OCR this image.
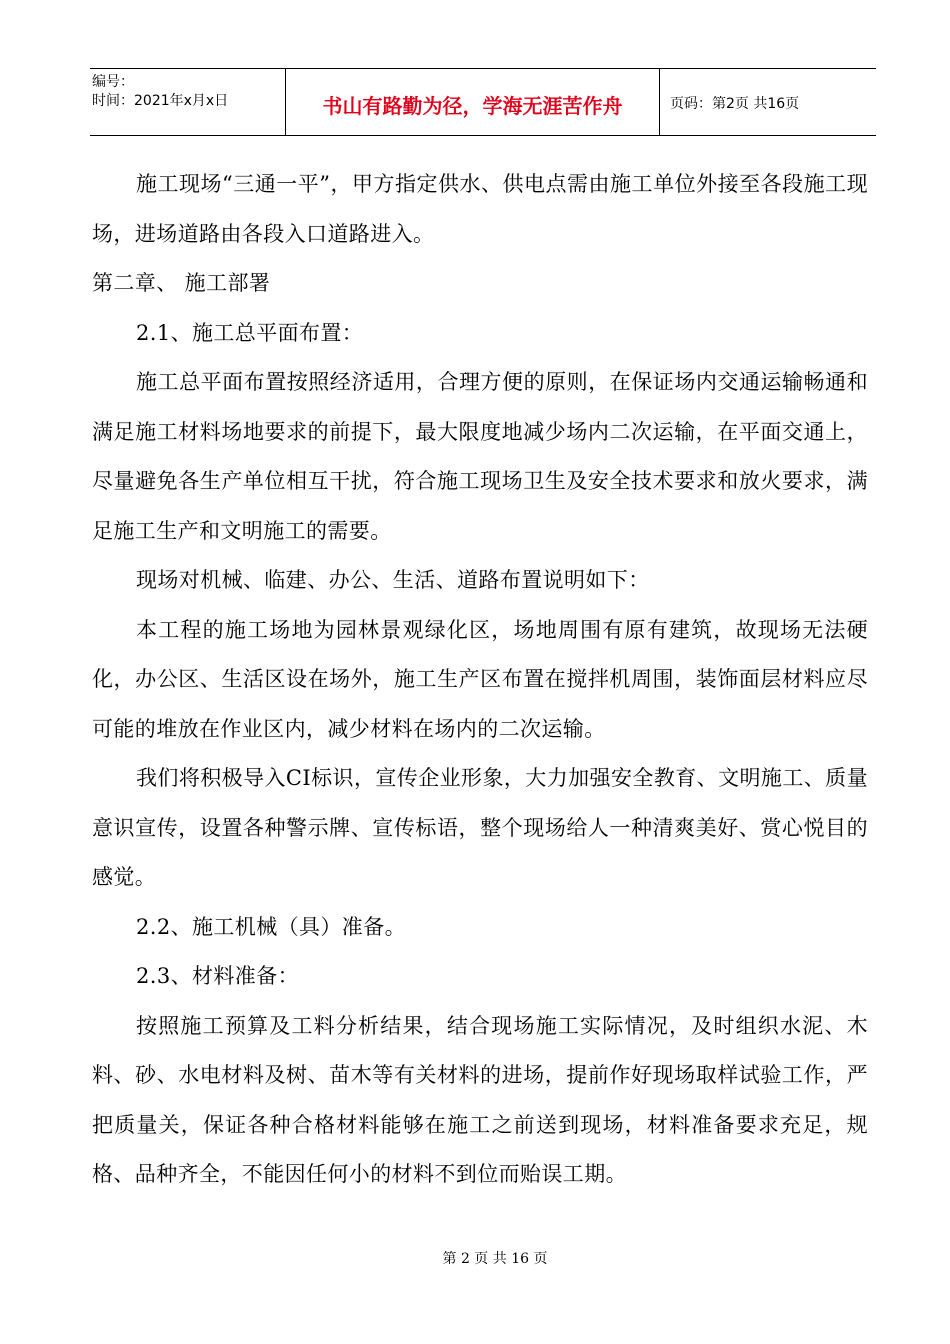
编号：
时间：2021年x月x日	书山有路勤为径，学海无涯苦作舟	页码：第2页 共16页

施工现场“三通一平”，甲方指定供水、供电点需由施工单位外接至各段施工现场，进场道路由各段入口道路进入。

第二章、 施工部署

2.1、施工总平面布置：

施工总平面布置按照经济适用，合理方便的原则，在保证场内交通运输畅通和满足施工材料场地要求的前提下，最大限度地减少场内二次运输，在平面交通上，尽量避免各生产单位相互干扰，符合施工现场卫生及安全技术要求和放火要求，满足施工生产和文明施工的需要。

现场对机械、临建、办公、生活、道路布置说明如下：

本工程的施工场地为园林景观绿化区，场地周围有原有建筑，故现场无法硬化，办公区、生活区设在场外，施工生产区布置在搅拌机周围，装饰面层材料应尽可能的堆放在作业区内，减少材料在场内的二次运输。

我们将积极导入CI标识，宣传企业形象，大力加强安全教育、文明施工、质量意识宣传，设置各种警示牌、宣传标语，整个现场给人一种清爽美好、赏心悦目的感觉。

2.2、施工机械（具）准备。

2.3、材料准备：

按照施工预算及工料分析结果，结合现场施工实际情况，及时组织水泥、木料、砂、水电材料及树、苗木等有关材料的进场，提前作好现场取样试验工作，严把质量关，保证各种合格材料能够在施工之前送到现场，材料准备要求充足，规格、品种齐全，不能因任何小的材料不到位而贻误工期。

第 2 页 共 16 页
